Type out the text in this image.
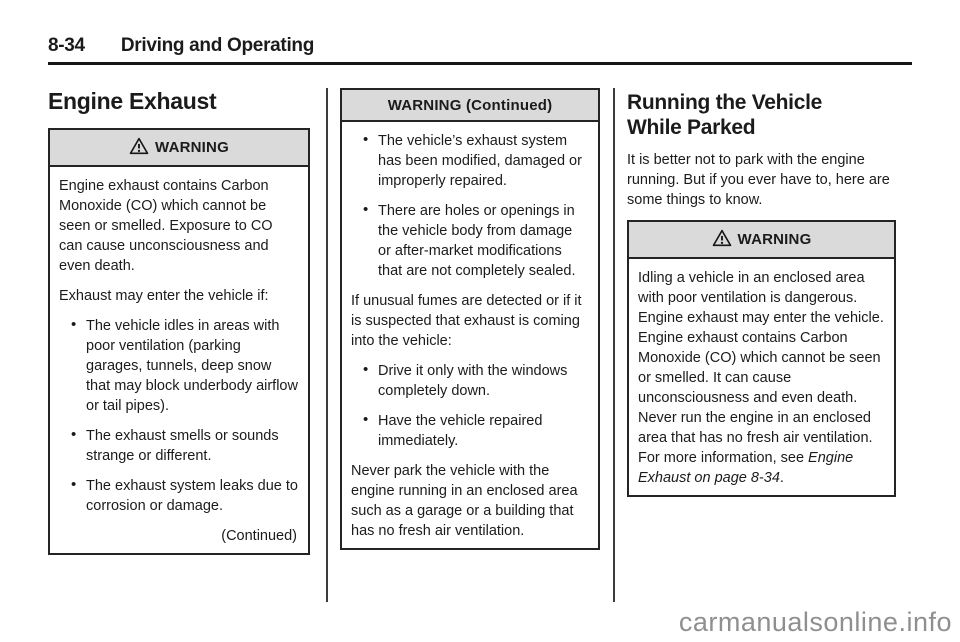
8-34 Driving and Operating
Engine Exhaust
WARNING

Engine exhaust contains Carbon Monoxide (CO) which cannot be seen or smelled. Exposure to CO can cause unconsciousness and even death.

Exhaust may enter the vehicle if:

• The vehicle idles in areas with poor ventilation (parking garages, tunnels, deep snow that may block underbody airflow or tail pipes).
• The exhaust smells or sounds strange or different.
• The exhaust system leaks due to corrosion or damage.

(Continued)

WARNING (Continued)
• The vehicle’s exhaust system has been modified, damaged or improperly repaired.
• There are holes or openings in the vehicle body from damage or after-market modifications that are not completely sealed.

If unusual fumes are detected or if it is suspected that exhaust is coming into the vehicle:

• Drive it only with the windows completely down.
• Have the vehicle repaired immediately.

Never park the vehicle with the engine running in an enclosed area such as a garage or a building that has no fresh air ventilation.

Running the Vehicle While Parked

It is better not to park with the engine running. But if you ever have to, here are some things to know.

WARNING

Idling a vehicle in an enclosed area with poor ventilation is dangerous. Engine exhaust may enter the vehicle. Engine exhaust contains Carbon Monoxide (CO) which cannot be seen or smelled. It can cause unconsciousness and even death. Never run the engine in an enclosed area that has no fresh air ventilation. For more information, see Engine Exhaust on page 8-34.

carmanualsonline.info
